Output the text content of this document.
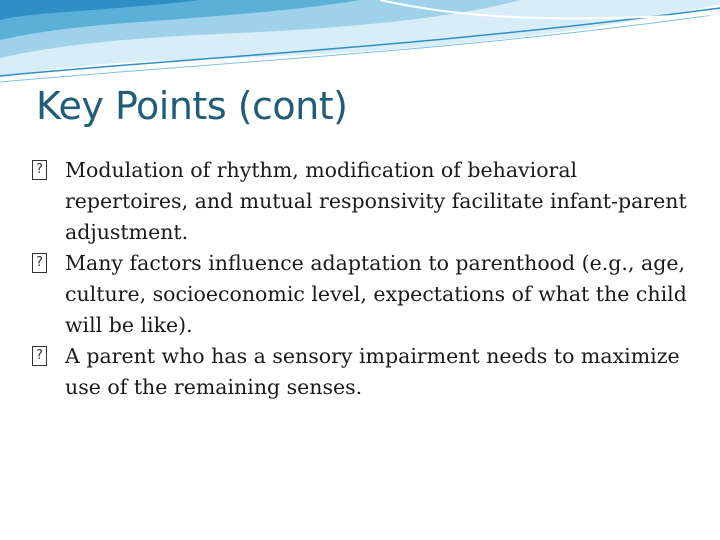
Key Points (cont)
?
Modulation of rhythm, modification of behavioral repertoires, and mutual responsivity facilitate infant-parent adjustment.
?
Many factors influence adaptation to parenthood (e.g., age, culture, socioeconomic level, expectations of what the child will be like).
?
A parent who has a sensory impairment needs to maximize use of the remaining senses.
